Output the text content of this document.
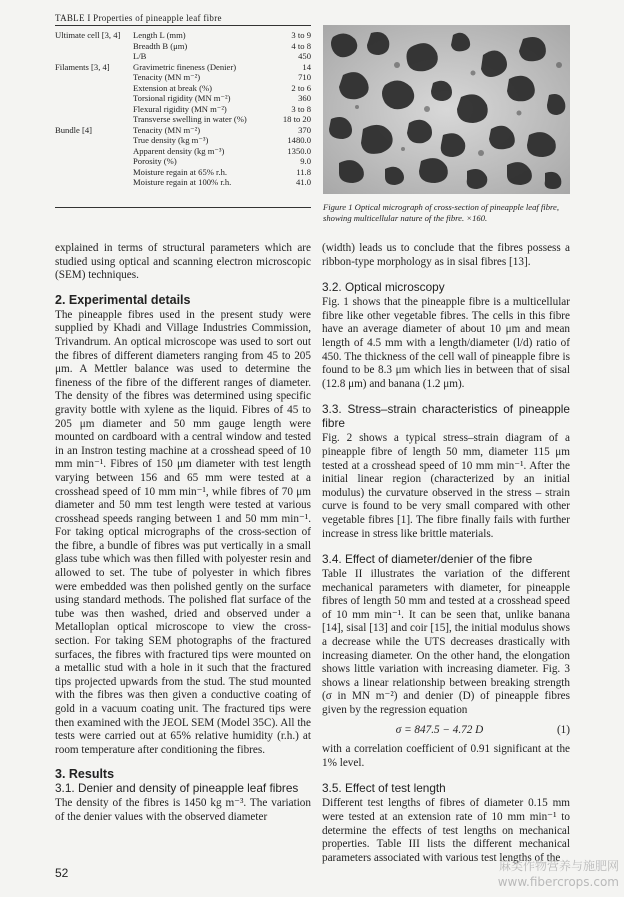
TABLE I Properties of pineapple leaf fibre
Ultimate cell [3, 4]	Length L (mm)	3 to 9
	Breadth B (μm)	4 to 8
	L/B	450
Filaments [3, 4]	Gravimetric fineness (Denier)	14
	Tenacity (MN m⁻²)	710
	Extension at break (%)	2 to 6
	Torsional rigidity (MN m⁻²)	360
	Flexural rigidity (MN m⁻²)	3 to 8
	Transverse swelling in water (%)	18 to 20
Bundle [4]	Tenacity (MN m⁻²)	370
	True density (kg m⁻³)	1480.0
	Apparent density (kg m⁻³)	1350.0
	Porosity (%)	9.0
	Moisture regain at 65% r.h.	11.8
	Moisture regain at 100% r.h.	41.0
Figure 1 Optical micrograph of cross-section of pineapple leaf fibre, showing multicellular nature of the fibre. ×160.

explained in terms of structural parameters which are studied using optical and scanning electron microscopic (SEM) techniques.

2. Experimental details

The pineapple fibres used in the present study were supplied by Khadi and Village Industries Commission, Trivandrum. An optical microscope was used to sort out the fibres of different diameters ranging from 45 to 205 μm. A Mettler balance was used to determine the fineness of the fibre of the different ranges of diameter. The density of the fibres was determined using specific gravity bottle with xylene as the liquid. Fibres of 45 to 205 μm diameter and 50 mm gauge length were mounted on cardboard with a central window and tested in an Instron testing machine at a crosshead speed of 10 mm min⁻¹. Fibres of 150 μm diameter with test length varying between 156 and 65 mm were tested at a crosshead speed of 10 mm min⁻¹, while fibres of 70 μm diameter and 50 mm test length were tested at various crosshead speeds ranging between 1 and 50 mm min⁻¹. For taking optical micrographs of the cross-section of the fibre, a bundle of fibres was put vertically in a small glass tube which was then filled with polyester resin and allowed to set. The tube of polyester in which fibres were embedded was then polished gently on the surface using standard methods. The polished flat surface of the tube was then washed, dried and observed under a Metalloplan optical microscope to view the cross-section. For taking SEM photographs of the fractured surfaces, the fibres with fractured tips were mounted on a metallic stud with a hole in it such that the fractured tips projected upwards from the stud. The stud mounted with the fibres was then given a conductive coating of gold in a vacuum coating unit. The fractured tips were then examined with the JEOL SEM (Model 35C). All the tests were carried out at 65% relative humidity (r.h.) at room temperature after conditioning the fibres.

3. Results
3.1. Denier and density of pineapple leaf fibres

The density of the fibres is 1450 kg m⁻³. The variation of the denier values with the observed diameter

(width) leads us to conclude that the fibres possess a ribbon-type morphology as in sisal fibres [13].

3.2. Optical microscopy

Fig. 1 shows that the pineapple fibre is a multicellular fibre like other vegetable fibres. The cells in this fibre have an average diameter of about 10 μm and mean length of 4.5 mm with a length/diameter (l/d) ratio of 450. The thickness of the cell wall of pineapple fibre is found to be 8.3 μm which lies in between that of sisal (12.8 μm) and banana (1.2 μm).

3.3. Stress–strain characteristics of pineapple fibre

Fig. 2 shows a typical stress–strain diagram of a pineapple fibre of length 50 mm, diameter 115 μm tested at a crosshead speed of 10 mm min⁻¹. After the initial linear region (characterized by an initial modulus) the curvature observed in the stress – strain curve is found to be very small compared with other vegetable fibres [1]. The fibre finally fails with further increase in stress like brittle materials.

3.4. Effect of diameter/denier of the fibre

Table II illustrates the variation of the different mechanical parameters with diameter, for pineapple fibres of length 50 mm and tested at a crosshead speed of 10 mm min⁻¹. It can be seen that, unlike banana [14], sisal [13] and coir [15], the initial modulus shows a decrease while the UTS decreases drastically with increasing diameter. On the other hand, the elongation shows little variation with increasing diameter. Fig. 3 shows a linear relationship between breaking strength (σ in MN m⁻²) and denier (D) of pineapple fibres given by the regression equation

σ = 847.5 − 4.72 D	(1)

with a correlation coefficient of 0.91 significant at the 1% level.

3.5. Effect of test length

Different test lengths of fibres of diameter 0.15 mm were tested at an extension rate of 10 mm min⁻¹ to determine the effects of test lengths on mechanical properties. Table III lists the different mechanical parameters associated with various test lengths of the

52	麻类作物营养与施肥网
www.fibercrops.com
